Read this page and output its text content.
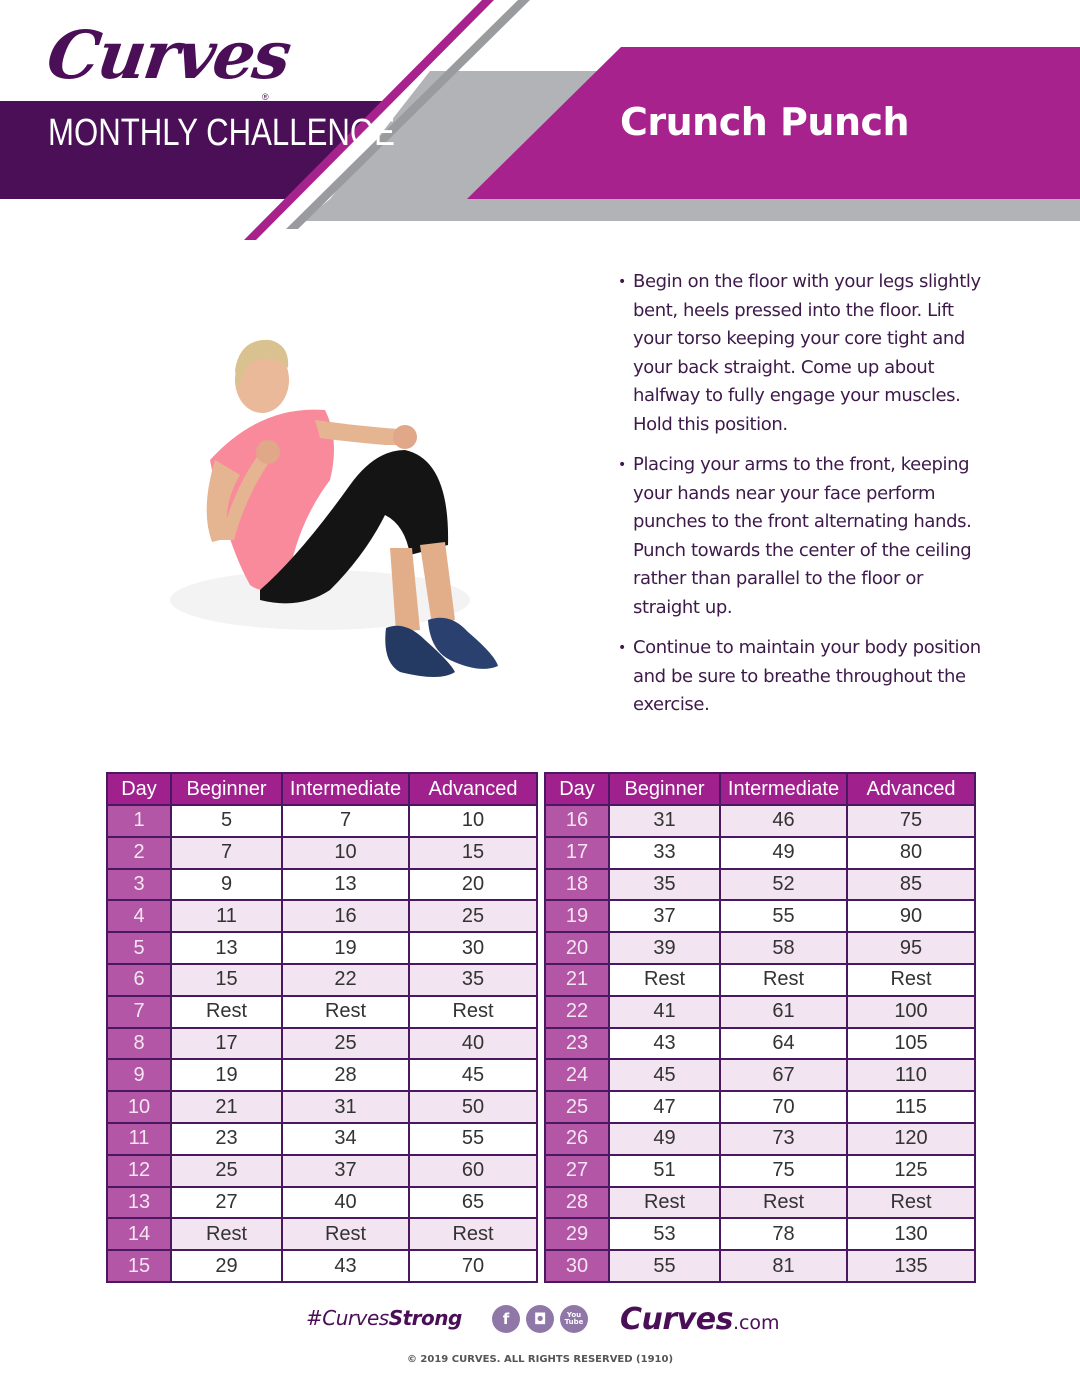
Curves
®
MONTHLY CHALLENGE	Crunch Punch
• Begin on the floor with your legs slightly bent, heels pressed into the floor. Lift your torso keeping your core tight and your back straight. Come up about halfway to fully engage your muscles. Hold this position.
• Placing your arms to the front, keeping your hands near your face perform punches to the front alternating hands. Punch towards the center of the ceiling rather than parallel to the floor or straight up.
• Continue to maintain your body position and be sure to breathe throughout the exercise.
Day	Beginner	Intermediate	Advanced
1	5	7	10
2	7	10	15
3	9	13	20
4	11	16	25
5	13	19	30
6	15	22	35
7	Rest	Rest	Rest
8	17	25	40
9	19	28	45
10	21	31	50
11	23	34	55
12	25	37	60
13	27	40	65
14	Rest	Rest	Rest
15	29	43	70
Day	Beginner	Intermediate	Advanced
16	31	46	75
17	33	49	80
18	35	52	85
19	37	55	90
20	39	58	95
21	Rest	Rest	Rest
22	41	61	100
23	43	64	105
24	45	67	110
25	47	70	115
26	49	73	120
27	51	75	125
28	Rest	Rest	Rest
29	53	78	130
30	55	81	135
#CurvesStrong	f	◘	You Tube Curves.com
© 2019 CURVES. ALL RIGHTS RESERVED (1910)
